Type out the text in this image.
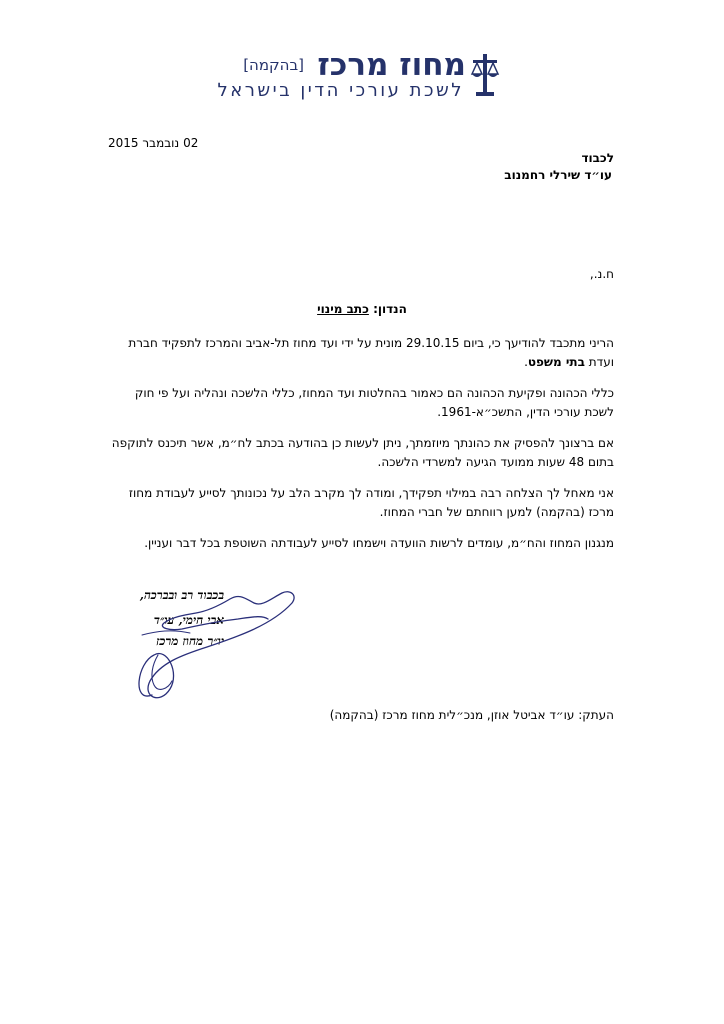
מחוז מרכז
[בהקמה]
לשכת עורכי הדין בישראל
02 נובמבר 2015
לכבוד
עו״ד שירלי רחמנוב
ח.נ.,
הנדון: כתב מינוי
הריני מתכבד להודיעך כי, ביום 29.10.15 מונית על ידי ועד מחוז תל-אביב והמרכז לתפקיד חברת
ועדת בתי משפט.
כללי הכהונה ופקיעת הכהונה הם כאמור בהחלטות ועד המחוז, כללי הלשכה ונהליה ועל פי חוק לשכת עורכי הדין, התשכ״א-1961.
אם ברצונך להפסיק את כהונתך מיוזמתך, ניתן לעשות כן בהודעה בכתב לח״מ, אשר תיכנס לתוקפה בתום 48 שעות ממועד הגיעה למשרדי הלשכה.
אני מאחל לך הצלחה רבה במילוי תפקידך, ומודה לך מקרב הלב על נכונותך לסייע לעבודת מחוז מרכז (בהקמה) למען רווחתם של חברי המחוז.
מנגנון המחוז והח״מ, עומדים לרשות הוועדה וישמחו לסייע לעבודתה השוטפת בכל דבר ועניין.
בכבוד רב ובברכה,
אבי חימי, עו״ד
יו״ר מחוז מרכז
העתק: עו״ד אביטל אוזן, מנכ״לית מחוז מרכז (בהקמה)
